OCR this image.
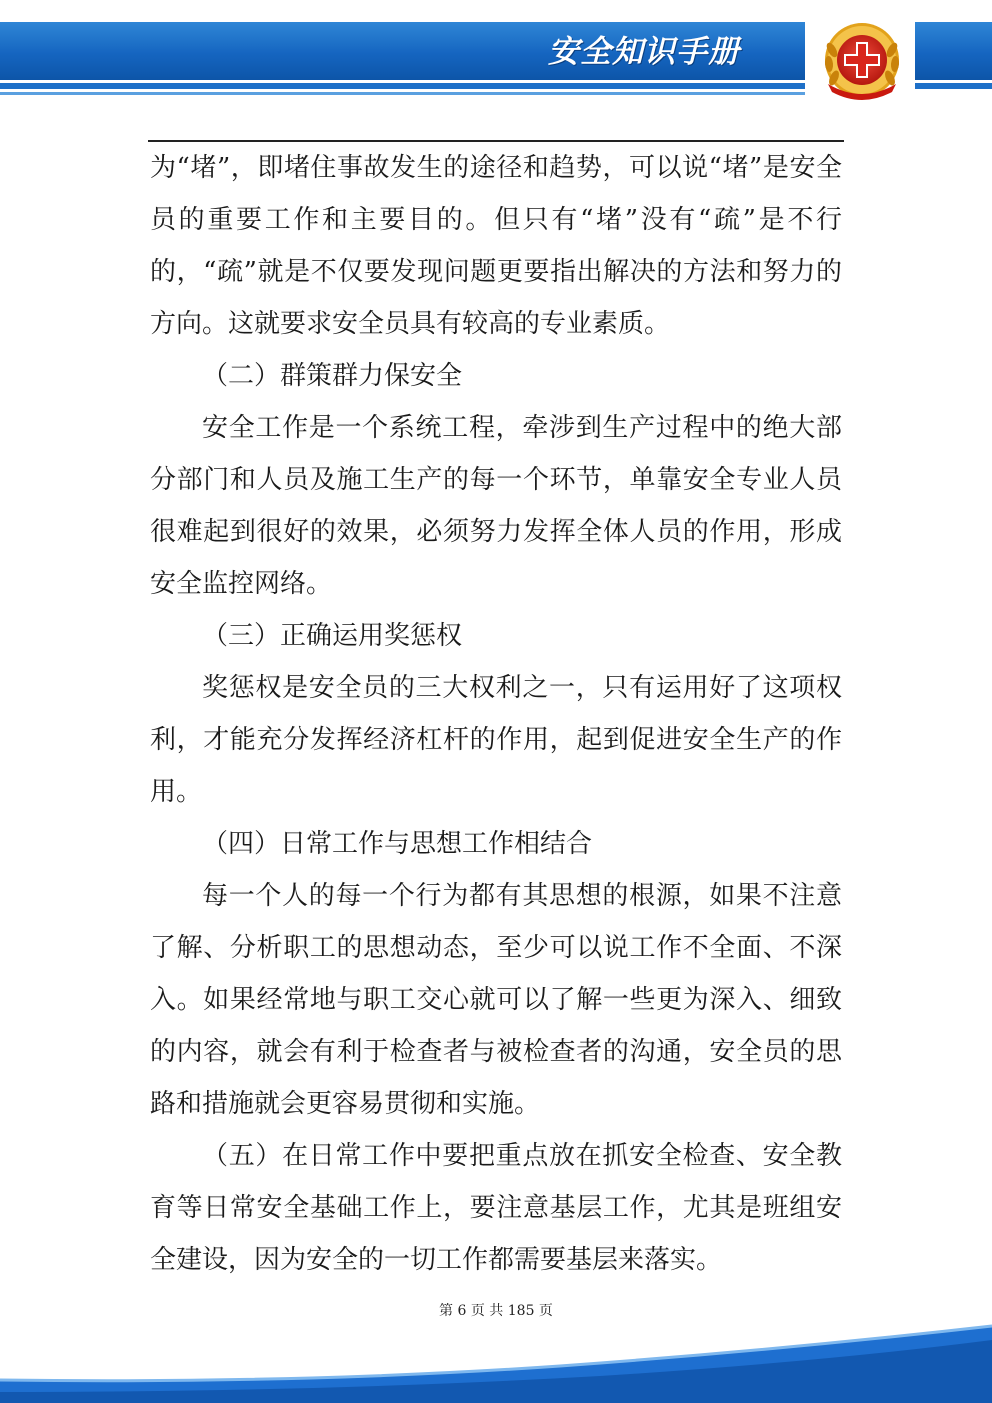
安全知识手册

为“堵”，即堵住事故发生的途径和趋势，可以说“堵”是安全员的重要工作和主要目的。但只有“堵”没有“疏”是不行的，“疏”就是不仅要发现问题更要指出解决的方法和努力的方向。这就要求安全员具有较高的专业素质。

（二）群策群力保安全

安全工作是一个系统工程，牵涉到生产过程中的绝大部分部门和人员及施工生产的每一个环节，单靠安全专业人员很难起到很好的效果，必须努力发挥全体人员的作用，形成安全监控网络。

（三）正确运用奖惩权

奖惩权是安全员的三大权利之一，只有运用好了这项权利，才能充分发挥经济杠杆的作用，起到促进安全生产的作用。

（四）日常工作与思想工作相结合

每一个人的每一个行为都有其思想的根源，如果不注意了解、分析职工的思想动态，至少可以说工作不全面、不深入。如果经常地与职工交心就可以了解一些更为深入、细致的内容，就会有利于检查者与被检查者的沟通，安全员的思路和措施就会更容易贯彻和实施。

（五）在日常工作中要把重点放在抓安全检查、安全教育等日常安全基础工作上，要注意基层工作，尤其是班组安全建设，因为安全的一切工作都需要基层来落实。

第 6 页 共 185 页
